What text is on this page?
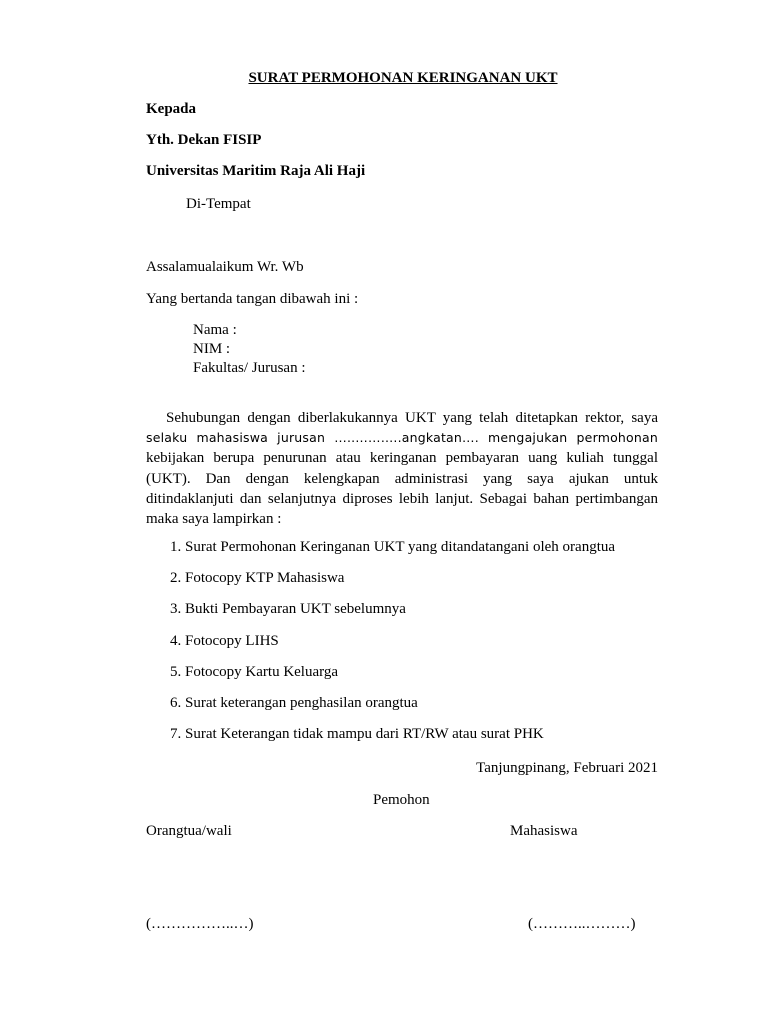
SURAT PERMOHONAN KERINGANAN UKT
Kepada
Yth. Dekan FISIP
Universitas Maritim Raja Ali Haji
Di-Tempat
Assalamualaikum Wr. Wb
Yang bertanda tangan dibawah ini :
Nama :
NIM :
Fakultas/ Jurusan :
Sehubungan dengan diberlakukannya UKT yang telah ditetapkan rektor, saya selaku mahasiswa jurusan …..………..angkatan…. mengajukan permohonan kebijakan berupa penurunan atau keringanan pembayaran uang kuliah tunggal (UKT). Dan dengan kelengkapan administrasi yang saya ajukan untuk ditindaklanjuti dan selanjutnya diproses lebih lanjut. Sebagai bahan pertimbangan maka saya lampirkan :
1. Surat Permohonan Keringanan UKT yang ditandatangani oleh orangtua
2. Fotocopy KTP Mahasiswa
3. Bukti Pembayaran UKT sebelumnya
4. Fotocopy LIHS
5. Fotocopy Kartu Keluarga
6. Surat keterangan penghasilan orangtua
7. Surat Keterangan tidak mampu dari RT/RW atau surat PHK
Tanjungpinang, Februari 2021
Pemohon
Orangtua/wali	Mahasiswa
(……………..…)	(………..………)
